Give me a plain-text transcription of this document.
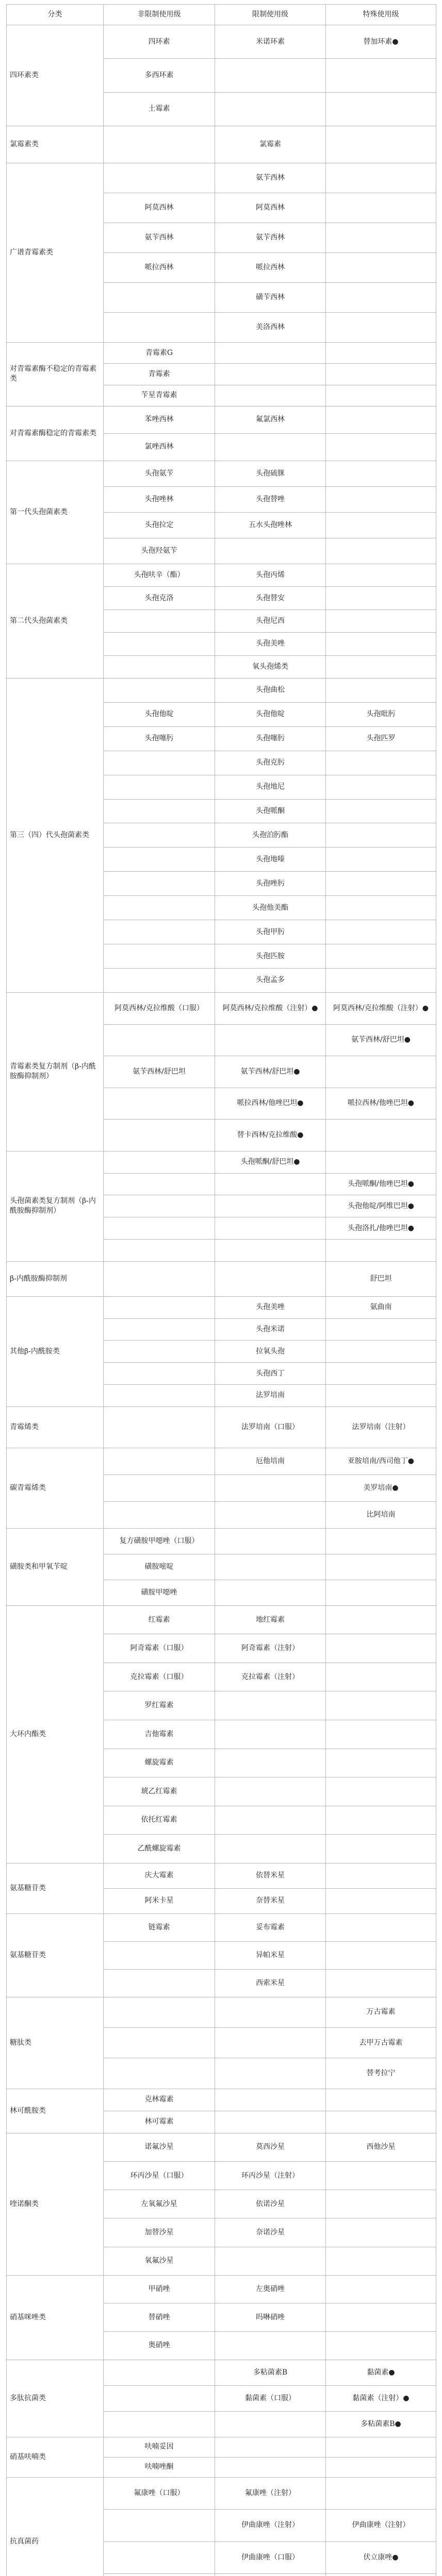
分类	非限制使用级	限制使用级	特殊使用级
四环素类	四环素	米诺环素	替加环素●
	多西环素		
	土霉素		
氯霉素类		氯霉素	
广谱青霉素类		氨苄西林	
	阿莫西林	阿莫西林	
	氨苄西林	氨苄西林	
	哌拉西林	哌拉西林	
		磺苄西林	
		美洛西林	
对青霉素酶不稳定的青霉素类	青霉素G		
	青霉素		
	苄星青霉素		
对青霉素酶稳定的青霉素类	苯唑西林	氟氯西林	
	氯唑西林		
第一代头孢菌素类	头孢氨苄	头孢硫脒	
	头孢唑林	头孢替唑	
	头孢拉定	五水头孢唑林	
	头孢羟氨苄		
第二代头孢菌素类	头孢呋辛（酯）	头孢丙烯	
	头孢克洛	头孢替安	
		头孢尼西	
		头孢美唑	
		氧头孢烯类	
第三（四）代头孢菌素类		头孢曲松	
	头孢他啶	头孢他啶	头孢吡肟
	头孢噻肟	头孢噻肟	头孢匹罗
		头孢克肟	
		头孢地尼	
		头孢哌酮	
		头孢泊肟酯	
		头孢地嗪	
		头孢唑肟	
		头孢他美酯	
		头孢甲肟	
		头孢匹胺	
		头孢孟多	
青霉素类复方制剂（β-内酰胺酶抑制剂）	阿莫西林/克拉维酸（口服）	阿莫西林/克拉维酸（注射）●	阿莫西林/克拉维酸（注射）●
			氨苄西林/舒巴坦●
	氨苄西林/舒巴坦	氨苄西林/舒巴坦●	
		哌拉西林/他唑巴坦●	哌拉西林/他唑巴坦●
		替卡西林/克拉维酸●	
头孢菌素类复方制剂（β-内酰胺酶抑制剂）		头孢哌酮/舒巴坦●	
			头孢哌酮/他唑巴坦●
			头孢他啶/阿维巴坦●
			头孢洛扎/他唑巴坦●

β-内酰胺酶抑制剂			舒巴坦
其他β-内酰胺类		头孢美唑	氨曲南
		头孢米诺	
		拉氧头孢	
		头孢西丁	
		法罗培南	
青霉烯类		法罗培南（口服）	法罗培南（注射）
碳青霉烯类		厄他培南	亚胺培南/西司他丁●
			美罗培南●
			比阿培南
磺胺类和甲氧苄啶	复方磺胺甲噁唑（口服）		
	磺胺嘧啶		
	磺胺甲噁唑		
大环内酯类	红霉素	地红霉素	
	阿奇霉素（口服）	阿奇霉素（注射）	
	克拉霉素（口服）	克拉霉素（注射）	
	罗红霉素		
	吉他霉素		
	螺旋霉素		
	琥乙红霉素		
	依托红霉素		
	乙酰螺旋霉素		
氨基糖苷类	庆大霉素	依替米星	
	阿米卡星	奈替米星	
氨基糖苷类	链霉素	妥布霉素	
		异帕米星	
		西索米星	
糖肽类			万古霉素
			去甲万古霉素
			替考拉宁
林可酰胺类	克林霉素		
	林可霉素		
喹诺酮类	诺氟沙星	莫西沙星	西他沙星
	环丙沙星（口服）	环丙沙星（注射）	
	左氧氟沙星	依诺沙星	
	加替沙星	奈诺沙星	
	氧氟沙星		
硝基咪唑类	甲硝唑	左奥硝唑	
	替硝唑	吗啉硝唑	
	奥硝唑		
多肽抗菌类		多粘菌素B	黏菌素●
		黏菌素（口服）	黏菌素（注射）●
			多粘菌素B●
硝基呋喃类	呋喃妥因		
	呋喃唑酮		
抗真菌药	氟康唑（口服）	氟康唑（注射）	
		伊曲康唑（注射）	伊曲康唑（注射）
		伊曲康唑（口服）	伏立康唑●
